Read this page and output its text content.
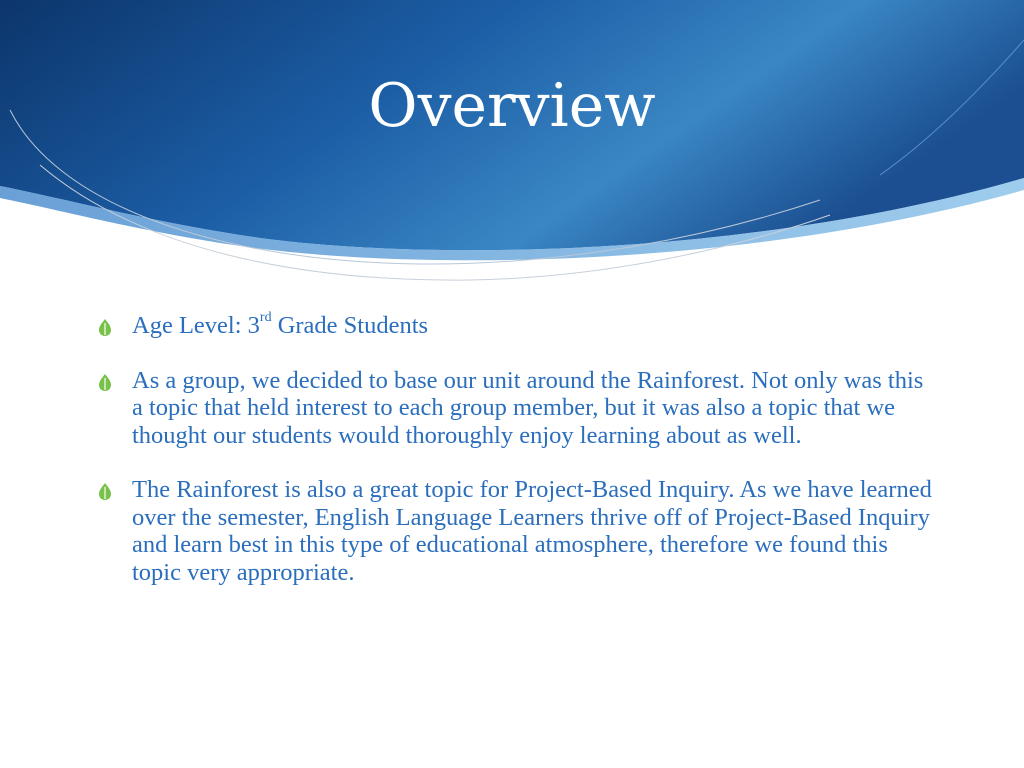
Overview
Age Level: 3rd Grade Students
As a group, we decided to base our unit around the Rainforest. Not only was this a topic that held interest to each group member, but it was also a topic that we thought our students would thoroughly enjoy learning about as well.
The Rainforest is also a great topic for Project-Based Inquiry. As we have learned over the semester, English Language Learners thrive off of Project-Based Inquiry and learn best in this type of educational atmosphere, therefore we found this topic very appropriate.
